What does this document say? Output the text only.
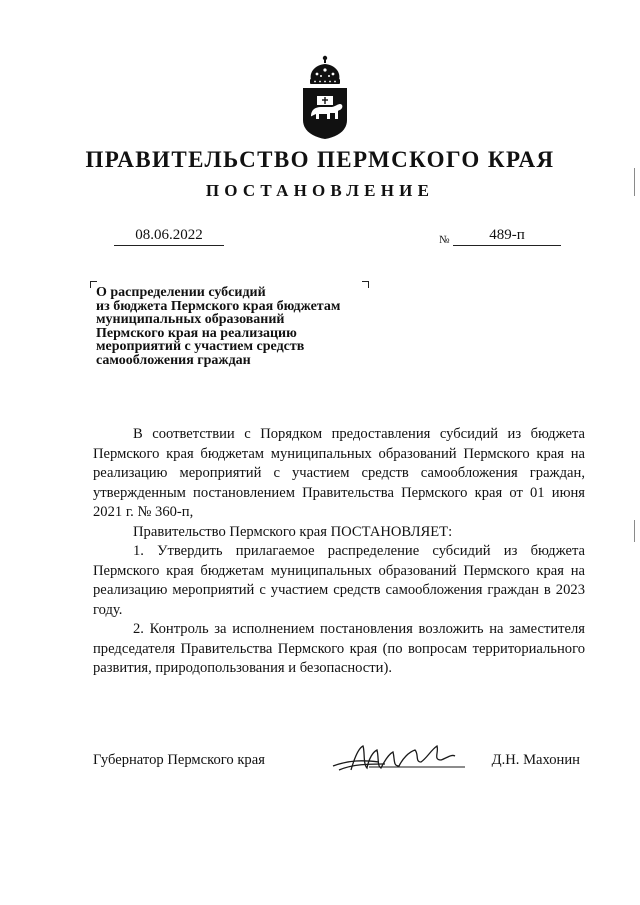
ПРАВИТЕЛЬСТВО ПЕРМСКОГО КРАЯ
ПОСТАНОВЛЕНИЕ
08.06.2022	№	489-п
О распределении субсидий
из бюджета Пермского края бюджетам
муниципальных образований
Пермского края на реализацию
мероприятий с участием средств
самообложения граждан

В соответствии с Порядком предоставления субсидий из бюджета Пермского края бюджетам муниципальных образований Пермского края на реализацию мероприятий с участием средств самообложения граждан, утвержденным постановлением Правительства Пермского края от 01 июня 2021 г. № 360-п,

Правительство Пермского края ПОСТАНОВЛЯЕТ:

1. Утвердить прилагаемое распределение субсидий из бюджета Пермского края бюджетам муниципальных образований Пермского края на реализацию мероприятий с участием средств самообложения граждан в 2023 году.

2. Контроль за исполнением постановления возложить на заместителя председателя Правительства Пермского края (по вопросам территориального развития, природопользования и безопасности).

Губернатор Пермского края	Д.Н. Махонин
